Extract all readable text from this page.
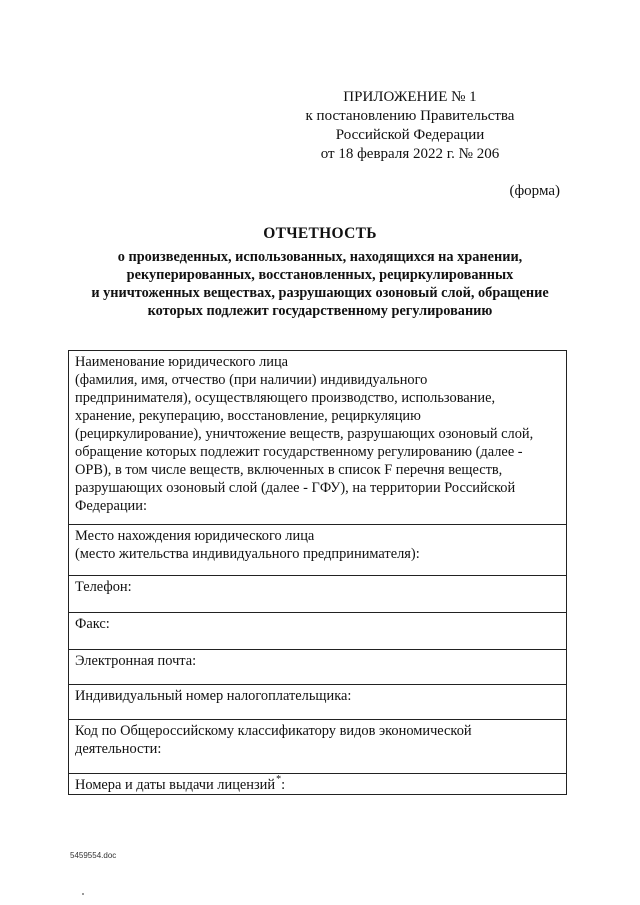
ПРИЛОЖЕНИЕ № 1
к постановлению Правительства
Российской Федерации
от 18 февраля 2022 г. № 206
(форма)
ОТЧЕТНОСТЬ
о произведенных, использованных, находящихся на хранении,
рекуперированных, восстановленных, рециркулированных
и уничтоженных веществах, разрушающих озоновый слой, обращение
которых подлежит государственному регулированию
Наименование юридического лица
(фамилия, имя, отчество (при наличии) индивидуального
предпринимателя), осуществляющего производство, использование,
хранение, рекуперацию, восстановление, рециркуляцию
(рециркулирование), уничтожение веществ, разрушающих озоновый слой,
обращение которых подлежит государственному регулированию (далее -
ОРВ), в том числе веществ, включенных в список F перечня веществ,
разрушающих озоновый слой (далее - ГФУ), на территории Российской
Федерации:
Место нахождения юридического лица
(место жительства индивидуального предпринимателя):
Телефон:
Факс:
Электронная почта:
Индивидуальный номер налогоплательщика:
Код по Общероссийскому классификатору видов экономической
деятельности:
Номера и даты выдачи лицензий*:
5459554.doc
